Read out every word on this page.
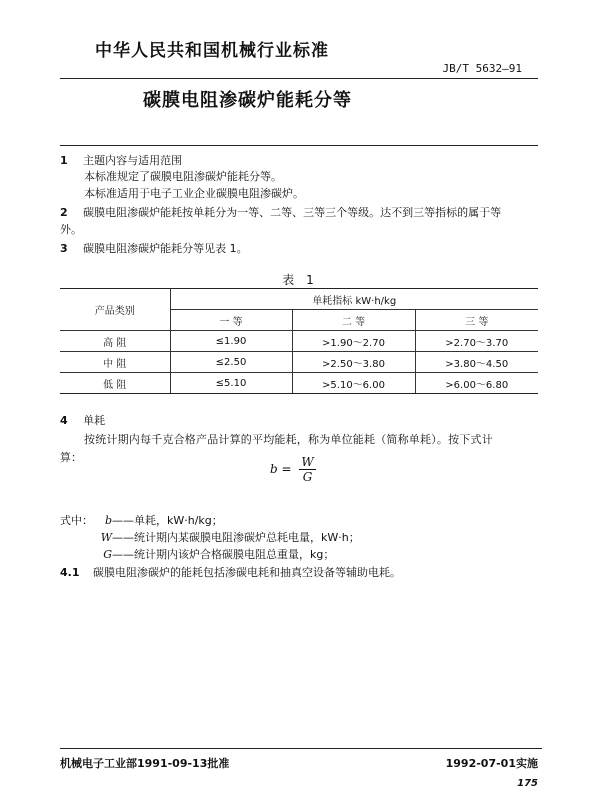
中华人民共和国机械行业标准
JB/T 5632—91
碳膜电阻渗碳炉能耗分等
1 主题内容与适用范围
本标准规定了碳膜电阻渗碳炉能耗分等。
本标准适用于电子工业企业碳膜电阻渗碳炉。
2 碳膜电阻渗碳炉能耗按单耗分为一等、二等、三等三个等级。达不到三等指标的属于等
外。
3 碳膜电阻渗碳炉能耗分等见表 1。
表 1
产品类别	单耗指标 kW·h/kg		
	一 等	二 等	三 等
高 阻	≤1.90	>1.90～2.70	>2.70～3.70
中 阻	≤2.50	>2.50～3.80	>3.80～4.50
低 阻	≤5.10	>5.10～6.00	>6.00～6.80
4 单耗
按统计期内每千克合格产品计算的平均能耗，称为单位能耗（简称单耗）。按下式计
算：
$b = \frac{W}{G}$
式中：	b——单耗，kW·h/kg；
W——统计期内某碳膜电阻渗碳炉总耗电量，kW·h；
G——统计期内该炉合格碳膜电阻总重量，kg；
4.1 碳膜电阻渗碳炉的能耗包括渗碳电耗和抽真空设备等辅助电耗。
机械电子工业部1991-09-13批准	1992-07-01实施
175
